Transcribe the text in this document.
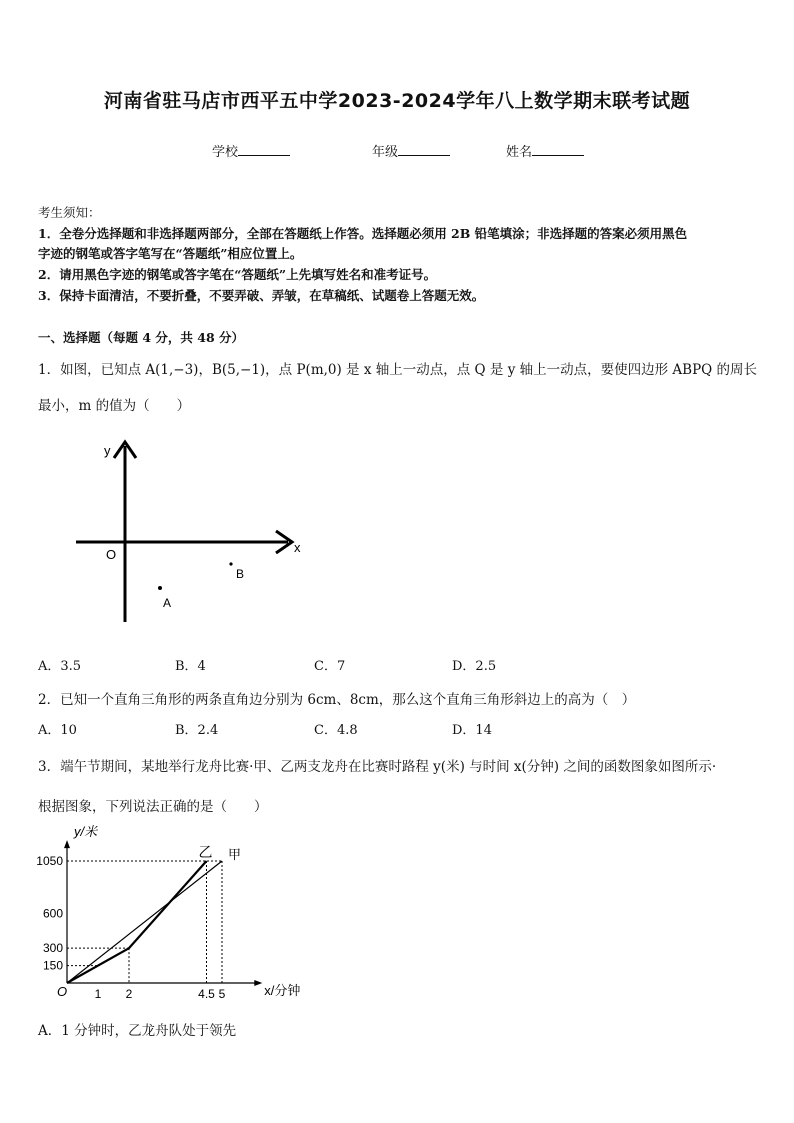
河南省驻马店市西平五中学2023-2024学年八上数学期末联考试题
学校	年级	姓名
考生须知：
1．全卷分选择题和非选择题两部分，全部在答题纸上作答。选择题必须用 2B 铅笔填涂；非选择题的答案必须用黑色
字迹的钢笔或答字笔写在“答题纸”相应位置上。
2．请用黑色字迹的钢笔或答字笔在“答题纸”上先填写姓名和准考证号。
3．保持卡面清洁，不要折叠，不要弄破、弄皱，在草稿纸、试题卷上答题无效。
一、选择题（每题 4 分，共 48 分）
1．如图，已知点 A(1,−3)，B(5,−1)，点 P(m,0) 是 x 轴上一动点，点 Q 是 y 轴上一动点，要使四边形 ABPQ 的周长
最小，m 的值为（　　）
y
x
O
A
B
A．3.5	B．4	C．7	D．2.5
2．已知一个直角三角形的两条直角边分别为 6cm、8cm，那么这个直角三角形斜边上的高为（　）
A．10	B．2.4	C．4.8	D．14
3．端午节期间，某地举行龙舟比赛·甲、乙两支龙舟在比赛时路程 y(米) 与时间 x(分钟) 之间的函数图象如图所示·
根据图象，下列说法正确的是（　　）
乙 甲
y/米
x/分钟
O
150
300
600
1050
1 2	4.5 5
A．1 分钟时，乙龙舟队处于领先
